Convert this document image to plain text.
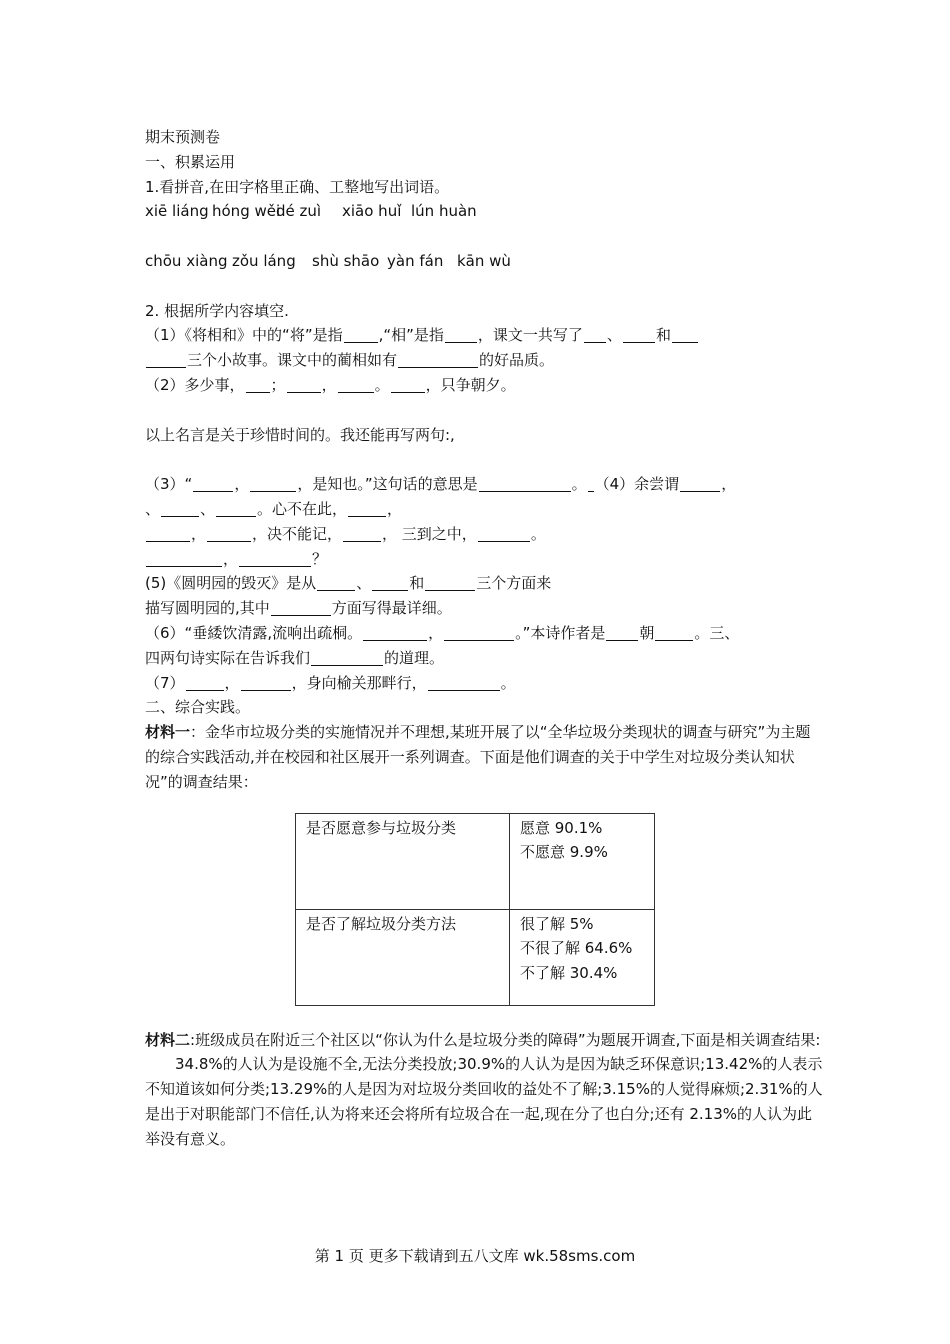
期末预测卷
一、积累运用
1.看拼音,在田字格里正确、工整地写出词语。
xiē liáng hóng wěidé zuì xiāo huǐ lún huàn
chōu xiàng zǒu láng shù shāo yàn fán kān wù
2. 根据所学内容填空.
（1）《将相和》中的“将”是指 ,“相”是指 ，课文一共写了 、 和
三个小故事。课文中的蔺相如有	的好品质。
（2）多少事， ； ，	。 ，只争朝夕。
以上名言是关于珍惜时间的。我还能再写两句:,
（3）“	，	，是知也。”这句话的意思是	。 （4）余尝谓	，
、	、	。心不在此，	，
，	，决不能记，	， 三到之中，	。
，	？
(5)《圆明园的毁灭》是从	、	和	三个方面来
描写圆明园的,其中	方面写得最详细。
（6）“垂緌饮清露,流响出疏桐。	，	。”本诗作者是 朝	。三、
四两句诗实际在告诉我们	的道理。
（7）	，	，身向榆关那畔行，	。
二、综合实践。
材料一：金华市垃圾分类的实施情况并不理想,某班开展了以“全华垃圾分类现状的调查与研究”为主题的综合实践活动,并在校园和社区展开一系列调查。下面是他们调查的关于中学生对垃圾分类认知状况”的调查结果：
是否愿意参与垃圾分类	愿意 90.1%
不愿意 9.9%

是否了解垃圾分类方法	很了解 5%
不很了解 64.6%
不了解 30.4%
材料二:班级成员在附近三个社区以“你认为什么是垃圾分类的障碍”为题展开调查,下面是相关调查结果:
34.8%的人认为是设施不全,无法分类投放;30.9%的人认为是因为缺乏环保意识;13.42%的人表示不知道该如何分类;13.29%的人是因为对垃圾分类回收的益处不了解;3.15%的人觉得麻烦;2.31%的人是出于对职能部门不信任,认为将来还会将所有垃圾合在一起,现在分了也白分;还有 2.13%的人认为此举没有意义。
第 1 页 更多下载请到五八文库 wk.58sms.com
